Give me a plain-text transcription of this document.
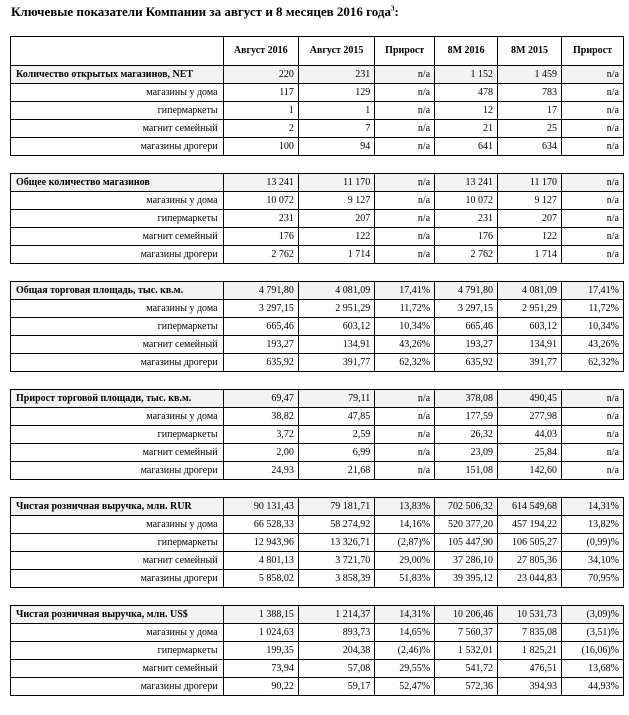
Ключевые показатели Компании за август и 8 месяцев 2016 года$^3$:
	Август 2016	Август 2015	Прирост	8М 2016	8М 2015	Прирост
Количество открытых магазинов, NET	220	231	n/a	1 152	1 459	n/a
магазины у дома	117	129	n/a	478	783	n/a
гипермаркеты	1	1	n/a	12	17	n/a
магнит семейный	2	7	n/a	21	25	n/a
магазины дрогери	100	94	n/a	641	634	n/a

Общее количество магазинов	13 241	11 170	n/a	13 241	11 170	n/a
магазины у дома	10 072	9 127	n/a	10 072	9 127	n/a
гипермаркеты	231	207	n/a	231	207	n/a
магнит семейный	176	122	n/a	176	122	n/a
магазины дрогери	2 762	1 714	n/a	2 762	1 714	n/a

Общая торговая площадь, тыс. кв.м.	4 791,80	4 081,09	17,41%	4 791,80	4 081,09	17,41%
магазины у дома	3 297,15	2 951,29	11,72%	3 297,15	2 951,29	11,72%
гипермаркеты	665,46	603,12	10,34%	665,46	603,12	10,34%
магнит семейный	193,27	134,91	43,26%	193,27	134,91	43,26%
магазины дрогери	635,92	391,77	62,32%	635,92	391,77	62,32%

Прирост торговой площади, тыс. кв.м.	69,47	79,11	n/a	378,08	490,45	n/a
магазины у дома	38,82	47,85	n/a	177,59	277,98	n/a
гипермаркеты	3,72	2,59	n/a	26,32	44,03	n/a
магнит семейный	2,00	6,99	n/a	23,09	25,84	n/a
магазины дрогери	24,93	21,68	n/a	151,08	142,60	n/a

Чистая розничная выручка, млн. RUR	90 131,43	79 181,71	13,83%	702 506,32	614 549,68	14,31%
магазины у дома	66 528,33	58 274,92	14,16%	520 377,20	457 194,22	13,82%
гипермаркеты	12 943,96	13 326,71	(2,87)%	105 447,90	106 505,27	(0,99)%
магнит семейный	4 801,13	3 721,70	29,00%	37 286,10	27 805,36	34,10%
магазины дрогери	5 858,02	3 858,39	51,83%	39 395,12	23 044,83	70,95%

Чистая розничная выручка, млн. US$	1 388,15	1 214,37	14,31%	10 206,46	10 531,73	(3,09)%
магазины у дома	1 024,63	893,73	14,65%	7 560,37	7 835,08	(3,51)%
гипермаркеты	199,35	204,38	(2,46)%	1 532,01	1 825,21	(16,06)%
магнит семейный	73,94	57,08	29,55%	541,72	476,51	13,68%
магазины дрогери	90,22	59,17	52,47%	572,36	394,93	44,93%
